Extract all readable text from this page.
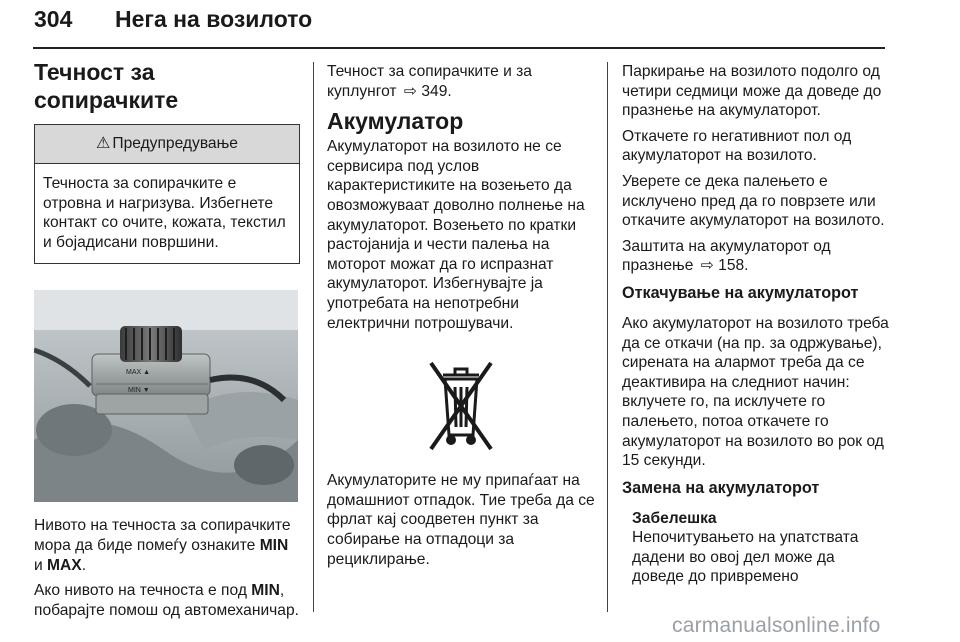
304 Нега на возилото
Течност за сопирачките
⚠ Предупредување
Течноста за сопирачките е отровна и нагризува. Избегнете контакт со очите, кожата, текстил и бојадисани површини.
MAX ▲
MIN ▼

Нивото на течноста за сопирачките мора да биде помеѓу ознаките MIN и MAX.

Ако нивото на течноста е под MIN, побарајте помош од автомеханичар.

Течност за сопирачките и за куплунгот ⇨ 349.

Акумулатор

Акумулаторот на возилото не се сервисира под услов карактеристиките на возењето да овозможуваат доволно полнење на акумулаторот. Возењето по кратки растојанија и чести палења на моторот можат да го испразнат акумулаторот. Избегнувајте ја употребата на непотребни електрични потрошувачи.

Акумулаторите не му припаѓаат на домашниот отпадок. Тие треба да се фрлат кај соодветен пункт за собирање на отпадоци за рециклирање.

Паркирање на возилото подолго од четири седмици може да доведе до празнење на акумулаторот.

Откачете го негативниот пол од акумулаторот на возилото.

Уверете се дека палењето е исклучено пред да го поврзете или откачите акумулаторот на возилото.

Заштита на акумулаторот од празнење ⇨ 158.

Откачување на акумулаторот

Ако акумулаторот на возилото треба да се откачи (на пр. за одржување), сирената на алармот треба да се деактивира на следниот начин: вклучете го, па исклучете го палењето, потоа откачете го акумулаторот на возилото во рок од 15 секунди.

Замена на акумулаторот
Забелешка
Непочитувањето на упатствата дадени во овој дел може да доведе до привремено
carmanualsonline.info
